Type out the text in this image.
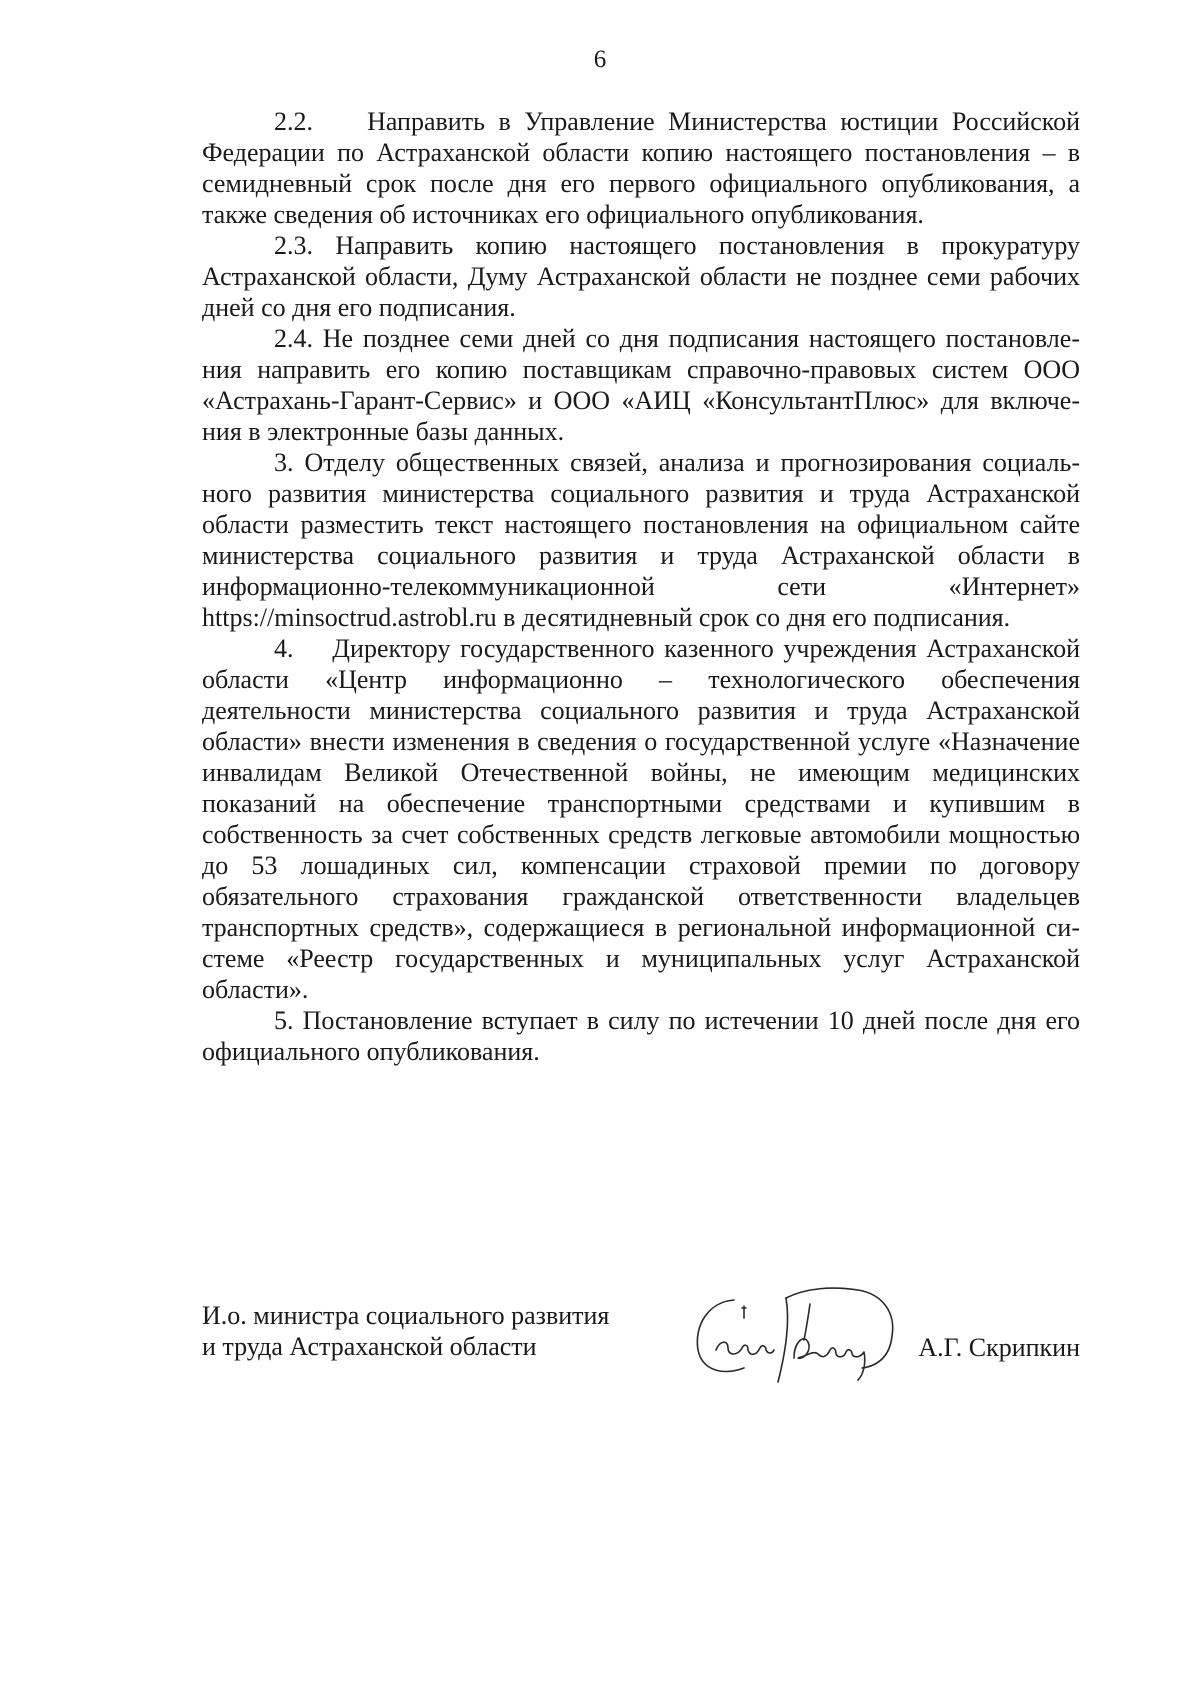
6

2.2.    Направить в Управление Министерства юстиции Российской Федерации по Астраханской области копию настоящего постановления – в семидневный срок после дня его первого официального опубликования, а также сведения об источниках его официального опубликования.

2.3. Направить копию настоящего постановления в прокуратуру Астраханской области, Думу Астраханской области не позднее семи рабочих дней со дня его подписания.

2.4. Не позднее семи дней со дня подписания настоящего постановления направить его копию поставщикам справочно-правовых систем ООО «Астрахань-Гарант-Сервис» и ООО «АИЦ «КонсультантПлюс» для включения в электронные базы данных.

3. Отделу общественных связей, анализа и прогнозирования социального развития министерства социального развития и труда Астраханской области разместить текст настоящего постановления на официальном сайте министерства социального развития и труда Астраханской области в информационно-телекоммуникационной сети «Интернет» https://minsoctrud.astrobl.ru в десятидневный срок со дня его подписания.

4.    Директору государственного казенного учреждения Астраханской области «Центр информационно – технологического обеспечения деятельности министерства социального развития и труда Астраханской области» внести изменения в сведения о государственной услуге «Назначение инвалидам Великой Отечественной войны, не имеющим медицинских показаний на обеспечение транспортными средствами и купившим в собственность за счет собственных средств легковые автомобили мощностью до 53 лошадиных сил, компенсации страховой премии по договору обязательного страхования гражданской ответственности владельцев транспортных средств», содержащиеся в региональной информационной системе «Реестр государственных и муниципальных услуг Астраханской области».

5. Постановление вступает в силу по истечении 10 дней после дня его официального опубликования.

И.о. министра социального развития
и труда Астраханской области	А.Г. Скрипкин
